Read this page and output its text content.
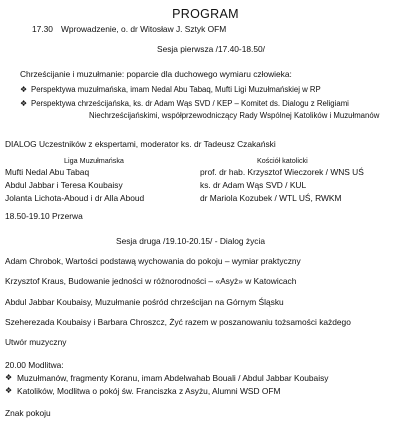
PROGRAM
17.30 Wprowadzenie, o. dr Witosław J. Sztyk OFM
Sesja pierwsza /17.40-18.50/
Chrześcijanie i muzułmanie: poparcie dla duchowego wymiaru człowieka:
❖ Perspektywa muzułmańska, imam Nedal Abu Tabaq, Mufti Ligi Muzułmańskiej w RP
❖ Perspektywa chrześcijańska, ks. dr Adam Wąs SVD / KEP – Komitet ds. Dialogu z Religiami
Niechrześcijańskimi, współprzewodniczący Rady Wspólnej Katolików i Muzułmanów
DIALOG Uczestników z ekspertami, moderator ks. dr Tadeusz Czakański
Liga Muzułmańska	Kościół katolicki
Mufti Nedal Abu Tabaq
Abdul Jabbar i Teresa Koubaisy
Jolanta Lichota-Aboud i dr Alla Aboud
prof. dr hab. Krzysztof Wieczorek / WNS UŚ
ks. dr Adam Wąs SVD / KUL
dr Mariola Kozubek / WTL UŚ, RWKM
18.50-19.10 Przerwa
Sesja druga /19.10-20.15/ - Dialog życia
Adam Chrobok, Wartości podstawą wychowania do pokoju – wymiar praktyczny
Krzysztof Kraus, Budowanie jedności w różnorodności – «Asyż» w Katowicach
Abdul Jabbar Koubaisy, Muzułmanie pośród chrześcijan na Górnym Śląsku
Szeherezada Koubaisy i Barbara Chroszcz, Żyć razem w poszanowaniu tożsamości każdego
Utwór muzyczny
20.00 Modlitwa:
❖ Muzułmanów, fragmenty Koranu, imam Abdelwahab Bouali / Abdul Jabbar Koubaisy
❖ Katolików, Modlitwa o pokój św. Franciszka z Asyżu, Alumni WSD OFM
Znak pokoju
